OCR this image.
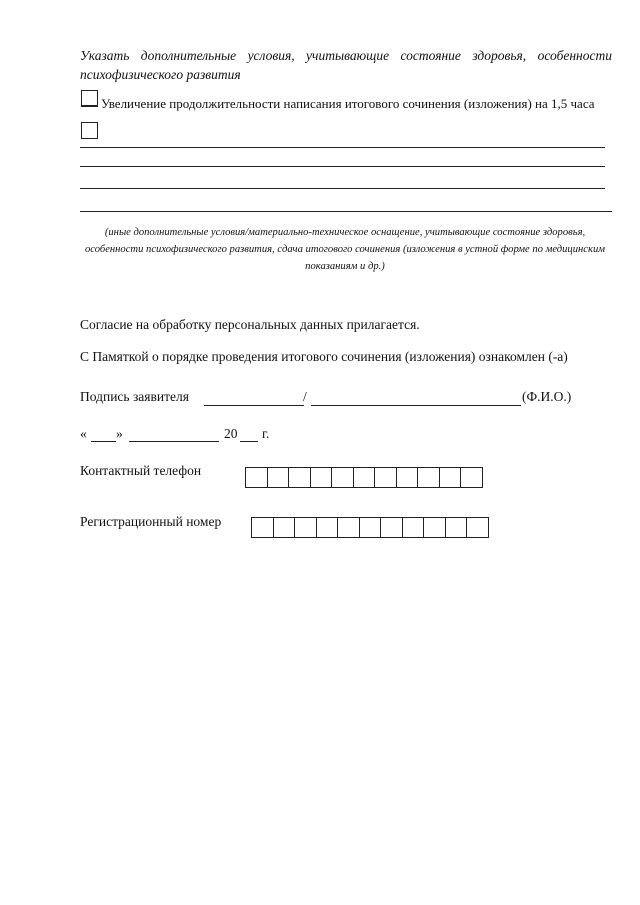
Указать дополнительные условия, учитывающие состояние здоровья, особенности
психофизического развития
Увеличение продолжительности написания итогового сочинения (изложения) на 1,5 часа
(иные дополнительные условия/материально-техническое оснащение, учитывающие состояние здоровья, особенности психофизического развития, сдача итогового сочинения (изложения в устной форме по медицинским показаниям и др.)
Согласие на обработку персональных данных прилагается.
С Памяткой о порядке проведения итогового сочинения (изложения) ознакомлен (-а)
Подпись заявителя	/	(Ф.И.О.)
« »	20 г.
Контактный телефон
Регистрационный номер
